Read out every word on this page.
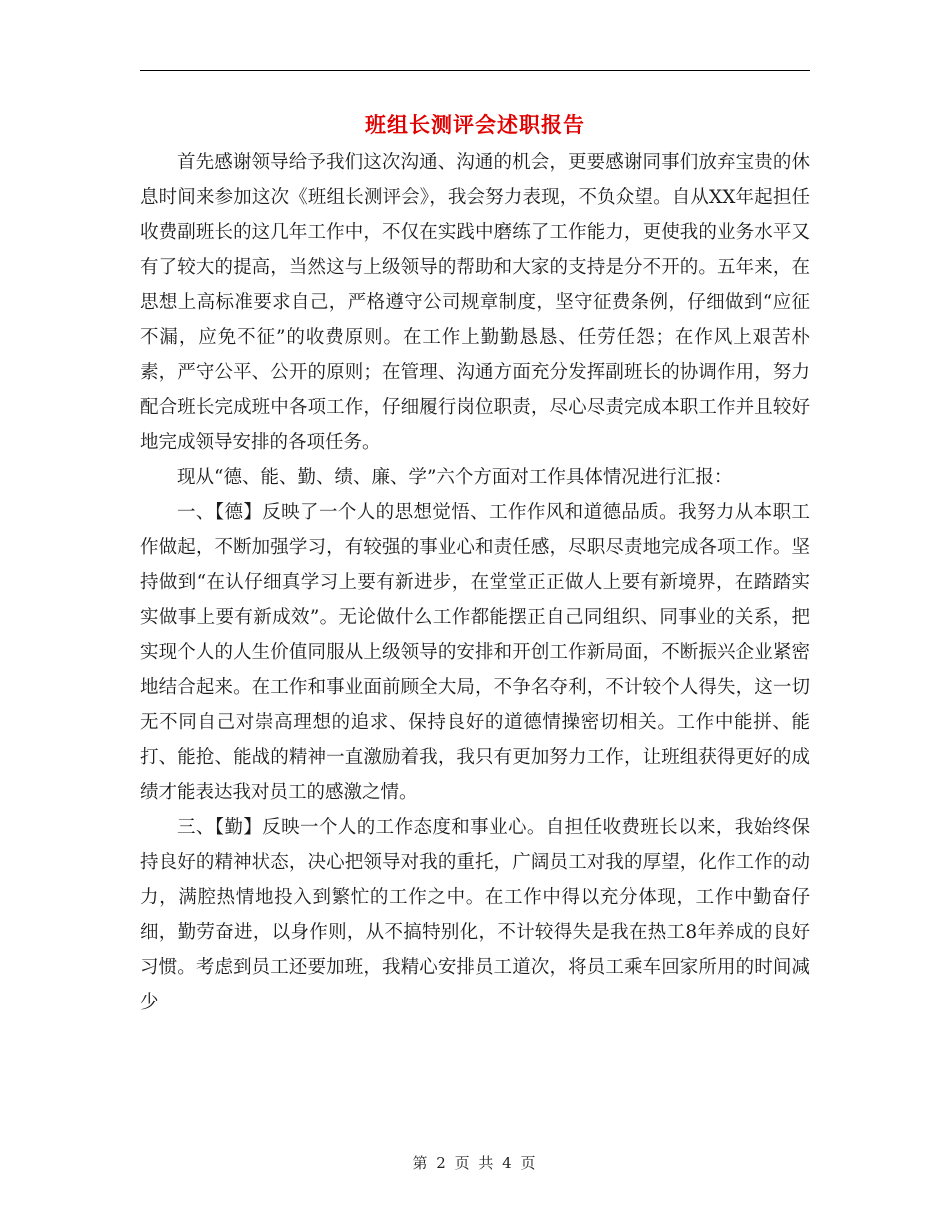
班组长测评会述职报告

首先感谢领导给予我们这次沟通、沟通的机会，更要感谢同事们放弃宝贵的休息时间来参加这次《班组长测评会》，我会努力表现，不负众望。自从XX年起担任收费副班长的这几年工作中，不仅在实践中磨练了工作能力，更使我的业务水平又有了较大的提高，当然这与上级领导的帮助和大家的支持是分不开的。五年来，在思想上高标准要求自己，严格遵守公司规章制度，坚守征费条例，仔细做到“应征不漏，应免不征”的收费原则。在工作上勤勤恳恳、任劳任怨；在作风上艰苦朴素，严守公平、公开的原则；在管理、沟通方面充分发挥副班长的协调作用，努力配合班长完成班中各项工作，仔细履行岗位职责，尽心尽责完成本职工作并且较好地完成领导安排的各项任务。

现从“德、能、勤、绩、廉、学”六个方面对工作具体情况进行汇报：

一、【德】反映了一个人的思想觉悟、工作作风和道德品质。我努力从本职工作做起，不断加强学习，有较强的事业心和责任感，尽职尽责地完成各项工作。坚持做到“在认仔细真学习上要有新进步，在堂堂正正做人上要有新境界，在踏踏实实做事上要有新成效”。无论做什么工作都能摆正自己同组织、同事业的关系，把实现个人的人生价值同服从上级领导的安排和开创工作新局面，不断振兴企业紧密地结合起来。在工作和事业面前顾全大局，不争名夺利，不计较个人得失，这一切无不同自己对崇高理想的追求、保持良好的道德情操密切相关。工作中能拼、能打、能抢、能战的精神一直激励着我，我只有更加努力工作，让班组获得更好的成绩才能表达我对员工的感激之情。

三、【勤】反映一个人的工作态度和事业心。自担任收费班长以来，我始终保持良好的精神状态，决心把领导对我的重托，广阔员工对我的厚望，化作工作的动力，满腔热情地投入到繁忙的工作之中。在工作中得以充分体现，工作中勤奋仔细，勤劳奋进，以身作则，从不搞特别化，不计较得失是我在热工8年养成的良好习惯。考虑到员工还要加班，我精心安排员工道次，将员工乘车回家所用的时间减少

第 2 页 共 4 页
